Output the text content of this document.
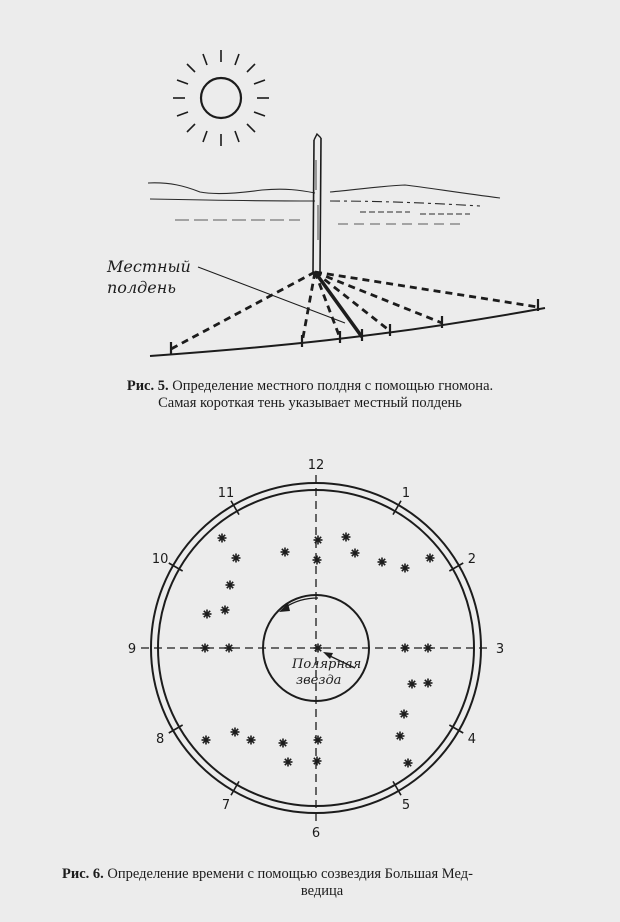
Местный
полдень
12
1
2
3
4
5
6
7
8
9
10
11
Полярная
звезда
Рис. 5. Определение местного полдня с помощью гномона.
Самая короткая тень указывает местный полдень
Рис. 6. Определение времени с помощью созвездия Большая Мед-
ведица
